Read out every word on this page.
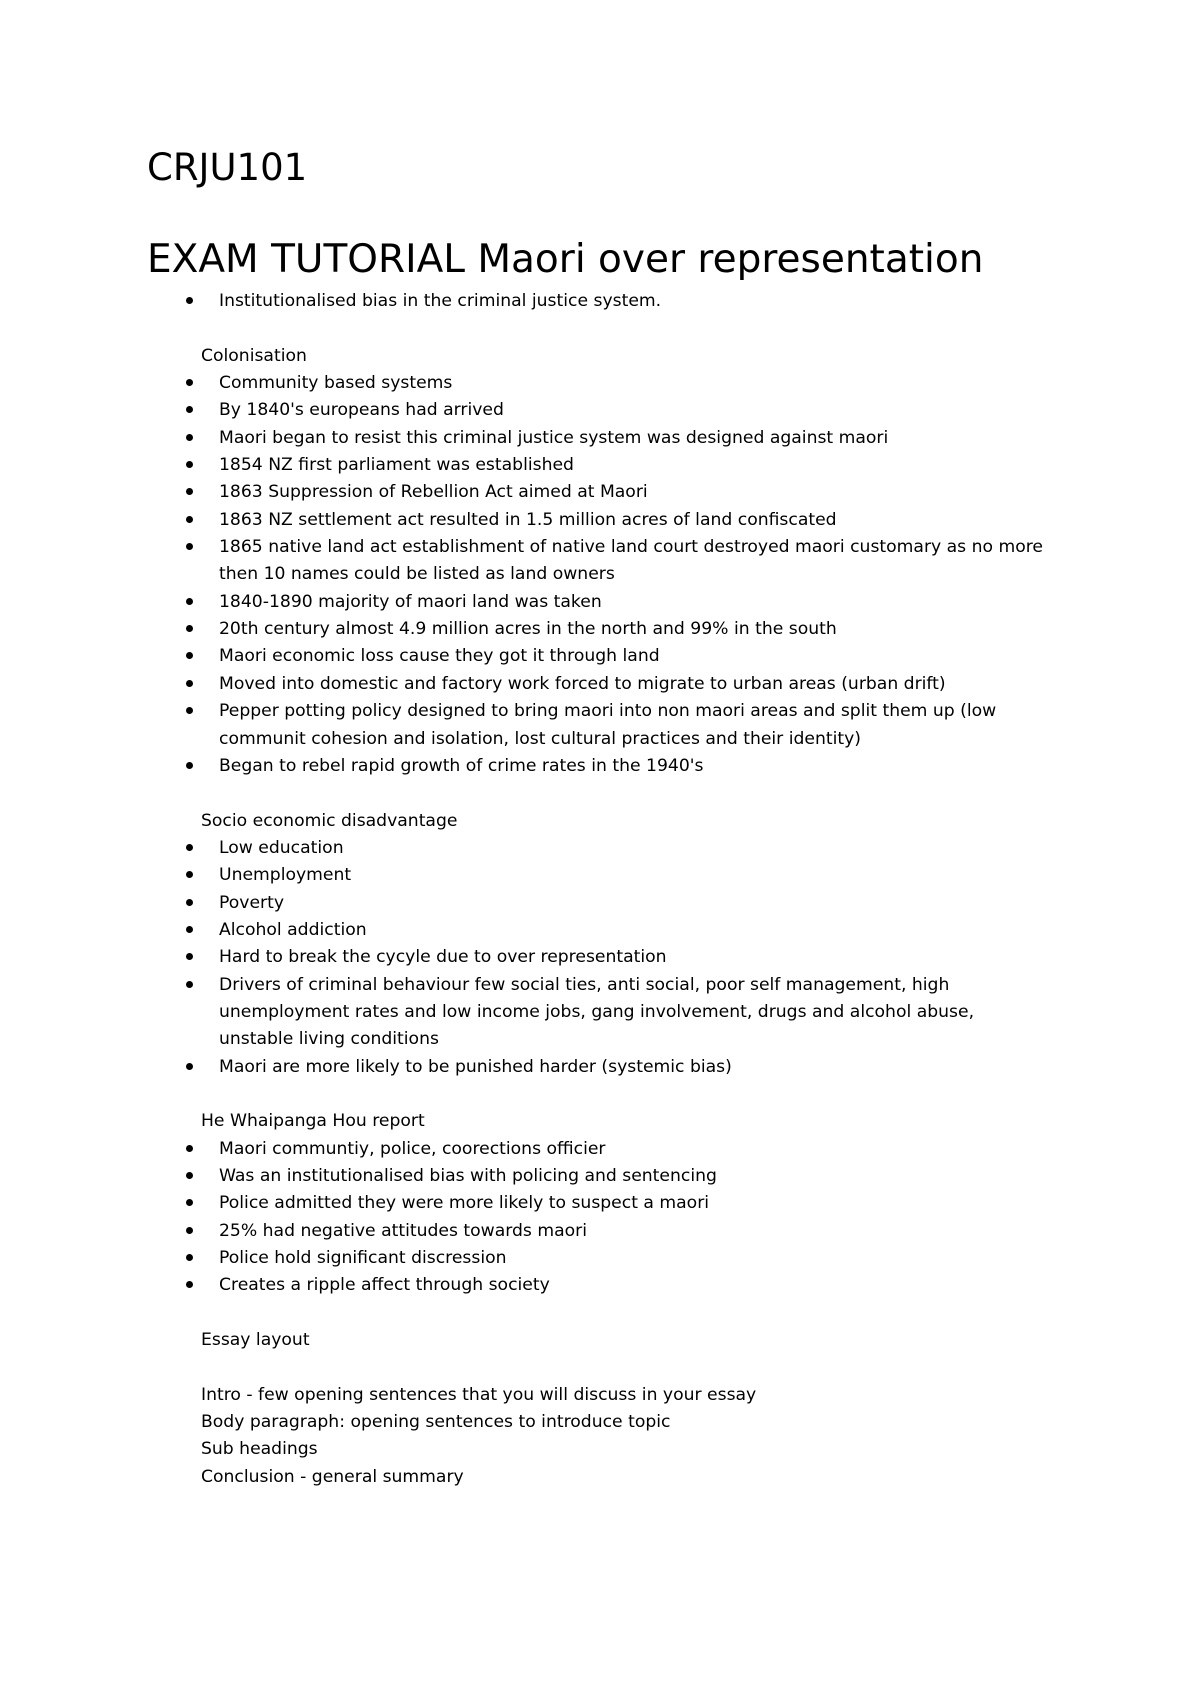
CRJU101
EXAM TUTORIAL Maori over representation
Institutionalised bias in the criminal justice system.
Colonisation
Community based systems
By 1840's europeans had arrived
Maori began to resist this criminal justice system was designed against maori
1854 NZ first parliament was established
1863 Suppression of Rebellion Act aimed at Maori
1863 NZ settlement act resulted in 1.5 million acres of land confiscated
1865 native land act establishment of native land court destroyed maori customary as no more then 10 names could be listed as land owners
1840-1890 majority of maori land was taken
20th century almost 4.9 million acres in the north and 99% in the south
Maori economic loss cause they got it through land
Moved into domestic and factory work forced to migrate to urban areas (urban drift)
Pepper potting policy designed to bring maori into non maori areas and split them up (low communit cohesion and isolation, lost cultural practices and their identity)
Began to rebel rapid growth of crime rates in the 1940's
Socio economic disadvantage
Low education
Unemployment
Poverty
Alcohol addiction
Hard to break the cycyle due to over representation
Drivers of criminal behaviour few social ties, anti social, poor self management, high unemployment rates and low income jobs, gang involvement, drugs and alcohol abuse, unstable living conditions
Maori are more likely to be punished harder (systemic bias)
He Whaipanga Hou report
Maori communtiy, police, coorections officier
Was an institutionalised bias with policing and sentencing
Police admitted they were more likely to suspect a maori
25% had negative attitudes towards maori
Police hold significant discression
Creates a ripple affect through society
Essay layout

Intro - few opening sentences that you will discuss in your essay

Body paragraph: opening sentences to introduce topic

Sub headings

Conclusion - general summary
